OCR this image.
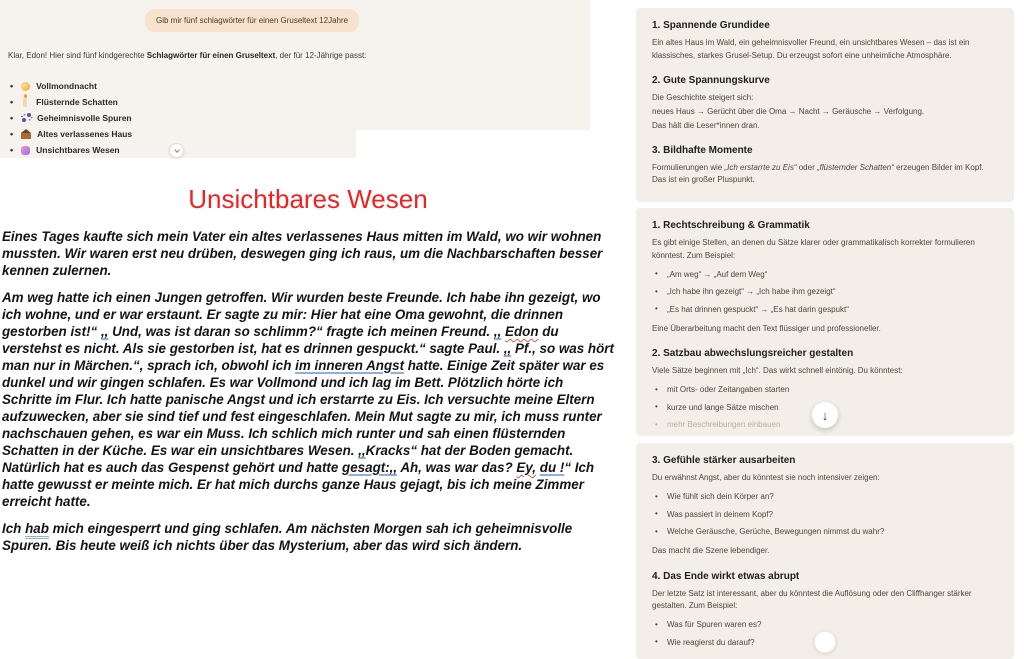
Gib mir fünf schlagwörter für einen Gruseltext 12Jahre

Klar, Edon! Hier sind fünf kindgerechte Schlagwörter für einen Gruseltext, der für 12-Jährige passt:

•	Vollmondnacht
•	Flüsternde Schatten
•	Geheimnisvolle Spuren
•	Altes verlassenes Haus
•	Unsichtbares Wesen
Unsichtbares Wesen

Eines Tages kaufte sich mein Vater ein altes verlassenes Haus mitten im Wald, wo wir wohnen mussten. Wir waren erst neu drüben, deswegen ging ich raus, um die Nachbarschaften besser kennen zulernen.

Am weg hatte ich einen Jungen getroffen. Wir wurden beste Freunde. Ich habe ihn gezeigt, wo ich wohne, und er war erstaunt. Er sagte zu mir: Hier hat eine Oma gewohnt, die drinnen gestorben ist!“ ,, Und, was ist daran so schlimm?“ fragte ich meinen Freund. ,, Edon du verstehst es nicht. Als sie gestorben ist, hat es drinnen gespuckt.“ sagte Paul. ,, Pf., so was hört man nur in Märchen.“, sprach ich, obwohl ich im inneren Angst hatte. Einige Zeit später war es dunkel und wir gingen schlafen. Es war Vollmond und ich lag im Bett. Plötzlich hörte ich Schritte im Flur. Ich hatte panische Angst und ich erstarrte zu Eis. Ich versuchte meine Eltern aufzuwecken, aber sie sind tief und fest eingeschlafen. Mein Mut sagte zu mir, ich muss runter nachschauen gehen, es war ein Muss. Ich schlich mich runter und sah einen flüsternden Schatten in der Küche. Es war ein unsichtbares Wesen. ,,Kracks“ hat der Boden gemacht. Natürlich hat es auch das Gespenst gehört und hatte gesagt:,, Ah, was war das? Ey, du !“ Ich hatte gewusst er meinte mich. Er hat mich durchs ganze Haus gejagt, bis ich meine Zimmer erreicht hatte.

Ich hab mich eingesperrt und ging schlafen. Am nächsten Morgen sah ich geheimnisvolle Spuren. Bis heute weiß ich nichts über das Mysterium, aber das wird sich ändern.

1. Spannende Grundidee

Ein altes Haus im Wald, ein geheimnisvoller Freund, ein unsichtbares Wesen – das ist ein klassisches, starkes Grusel-Setup. Du erzeugst sofort eine unheimliche Atmosphäre.

2. Gute Spannungskurve

Die Geschichte steigert sich:

neues Haus → Gerücht über die Oma → Nacht → Geräusche → Verfolgung.

Das hält die Leser*innen dran.

3. Bildhafte Momente

Formulierungen wie „Ich erstarrte zu Eis“ oder „flüsternder Schatten“ erzeugen Bilder im Kopf. Das ist ein großer Pluspunkt.

1. Rechtschreibung & Grammatik

Es gibt einige Stellen, an denen du Sätze klarer oder grammatikalisch korrekter formulieren könntest. Zum Beispiel:

• „Am weg“ → „Auf dem Weg“
• „Ich habe ihn gezeigt“ → „Ich habe ihm gezeigt“
• „Es hat drinnen gespuckt“ → „Es hat darin gespukt“

Eine Überarbeitung macht den Text flüssiger und professioneller.

2. Satzbau abwechslungsreicher gestalten

Viele Sätze beginnen mit „Ich“. Das wirkt schnell eintönig. Du könntest:

• mit Orts- oder Zeitangaben starten
• kurze und lange Sätze mischen
• mehr Beschreibungen einbauen
↓
3. Gefühle stärker ausarbeiten

Du erwähnst Angst, aber du könntest sie noch intensiver zeigen:

• Wie fühlt sich dein Körper an?
• Was passiert in deinem Kopf?
• Welche Geräusche, Gerüche, Bewegungen nimmst du wahr?

Das macht die Szene lebendiger.

4. Das Ende wirkt etwas abrupt

Der letzte Satz ist interessant, aber du könntest die Auflösung oder den Cliffhanger stärker gestalten. Zum Beispiel:

• Was für Spuren waren es?
• Wie reagierst du darauf?
